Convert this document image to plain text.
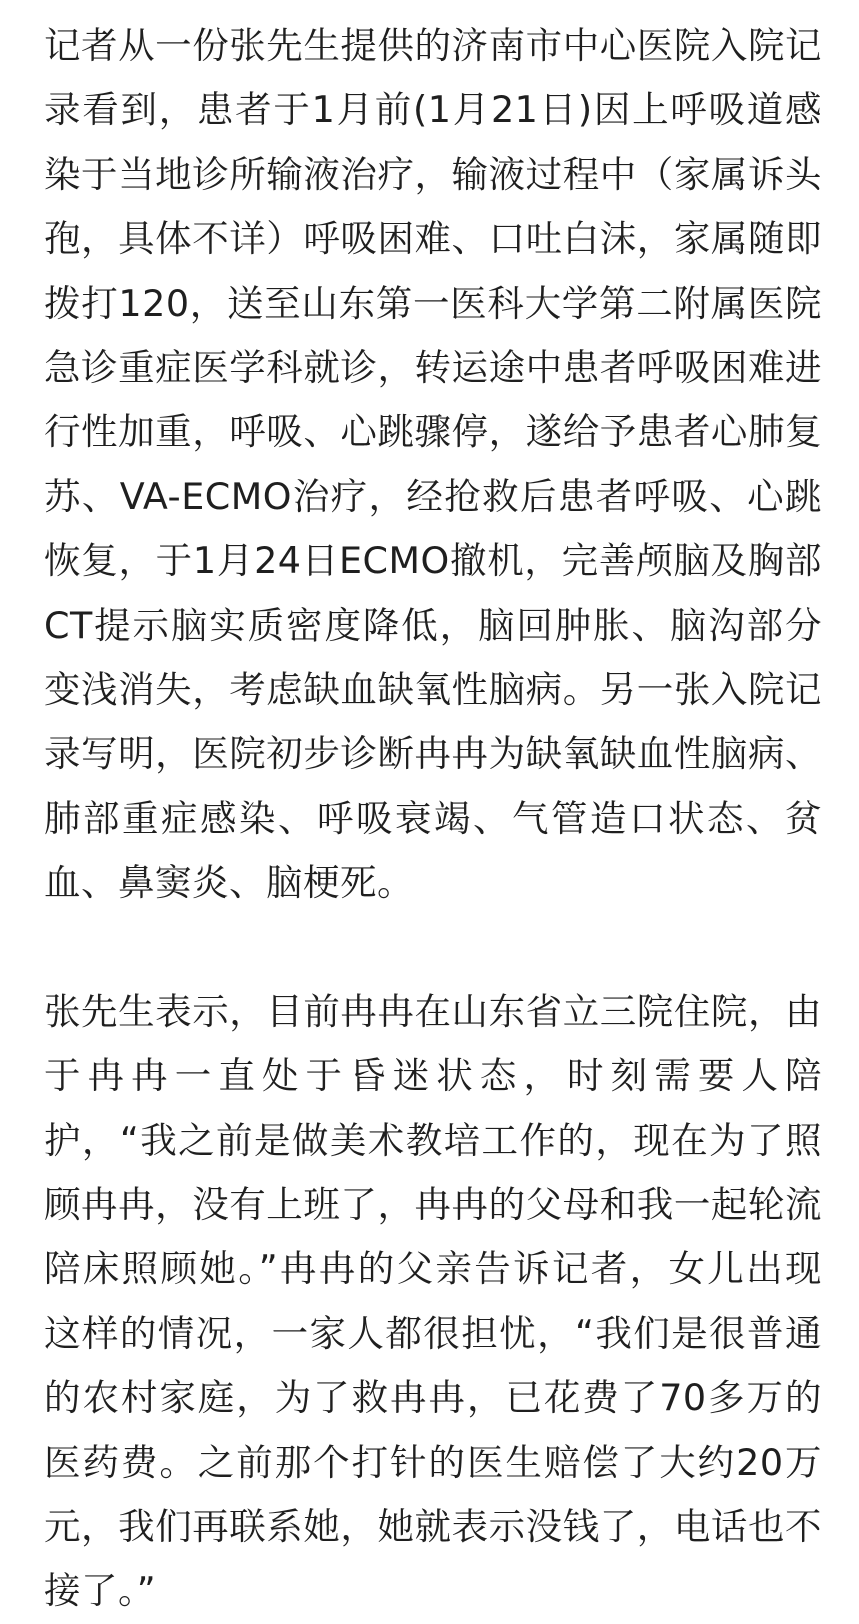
记者从一份张先生提供的济南市中心医院入院记录看到，患者于1月前(1月21日)因上呼吸道感染于当地诊所输液治疗，输液过程中（家属诉头孢，具体不详）呼吸困难、口吐白沫，家属随即拨打120，送至山东第一医科大学第二附属医院急诊重症医学科就诊，转运途中患者呼吸困难进行性加重，呼吸、心跳骤停，遂给予患者心肺复苏、VA-ECMO治疗，经抢救后患者呼吸、心跳恢复，于1月24日ECMO撤机，完善颅脑及胸部CT提示脑实质密度降低，脑回肿胀、脑沟部分变浅消失，考虑缺血缺氧性脑病。另一张入院记录写明，医院初步诊断冉冉为缺氧缺血性脑病、肺部重症感染、呼吸衰竭、气管造口状态、贫血、鼻窦炎、脑梗死。

张先生表示，目前冉冉在山东省立三院住院，由于冉冉一直处于昏迷状态，时刻需要人陪护，“我之前是做美术教培工作的，现在为了照顾冉冉，没有上班了，冉冉的父母和我一起轮流陪床照顾她。”冉冉的父亲告诉记者，女儿出现这样的情况，一家人都很担忧，“我们是很普通的农村家庭，为了救冉冉，已花费了70多万的医药费。之前那个打针的医生赔偿了大约20万元，我们再联系她，她就表示没钱了，电话也不接了。”
